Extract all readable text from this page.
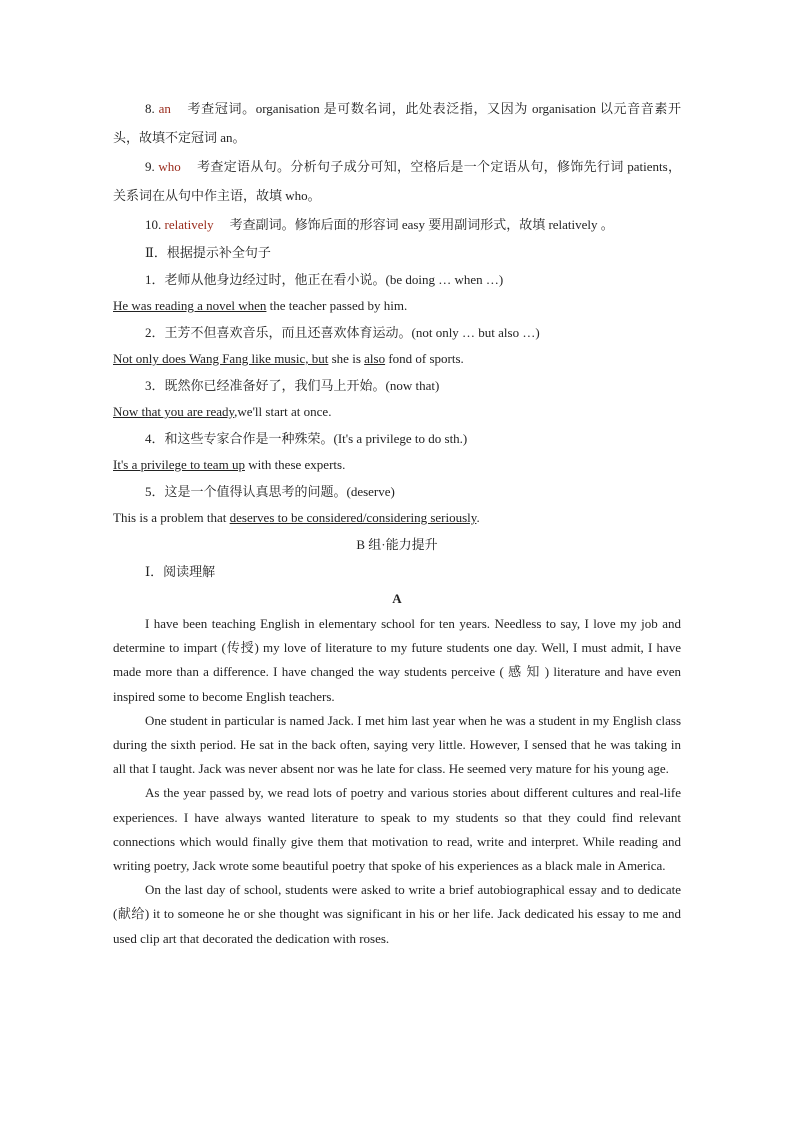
8. an 考查冠词。organisation 是可数名词，此处表泛指，又因为 organisation 以元音音素开头，故填不定冠词 an。

9. who 考查定语从句。分析句子成分可知，空格后是一个定语从句，修饰先行词 patients，关系词在从句中作主语，故填 who。

10. relatively 考查副词。修饰后面的形容词 easy 要用副词形式，故填 relatively 。

Ⅱ．根据提示补全句子

1．老师从他身边经过时，他正在看小说。(be doing … when …)

He was reading a novel when the teacher passed by him.

2．王芳不但喜欢音乐，而且还喜欢体育运动。(not only … but also …)

Not only does Wang Fang like music, but she is also fond of sports.

3．既然你已经准备好了，我们马上开始。(now that)

Now that you are ready,we'll start at once.

4．和这些专家合作是一种殊荣。(It's a privilege to do sth.)

It's a privilege to team up with these experts.

5．这是一个值得认真思考的问题。(deserve)

This is a problem that deserves to be considered/considering seriously.

B 组·能力提升

Ⅰ．阅读理解

A

I have been teaching English in elementary school for ten years. Needless to say, I love my job and determine to impart (传授) my love of literature to my future students one day. Well, I must admit, I have made more than a difference. I have changed the way students perceive ( 感 知 ) literature and have even inspired some to become English teachers.

One student in particular is named Jack. I met him last year when he was a student in my English class during the sixth period. He sat in the back often, saying very little. However, I sensed that he was taking in all that I taught. Jack was never absent nor was he late for class. He seemed very mature for his young age.

As the year passed by, we read lots of poetry and various stories about different cultures and real-life experiences. I have always wanted literature to speak to my students so that they could find relevant connections which would finally give them that motivation to read, write and interpret. While reading and writing poetry, Jack wrote some beautiful poetry that spoke of his experiences as a black male in America.

On the last day of school, students were asked to write a brief autobiographical essay and to dedicate (献给) it to someone he or she thought was significant in his or her life. Jack dedicated his essay to me and used clip art that decorated the dedication with roses.
